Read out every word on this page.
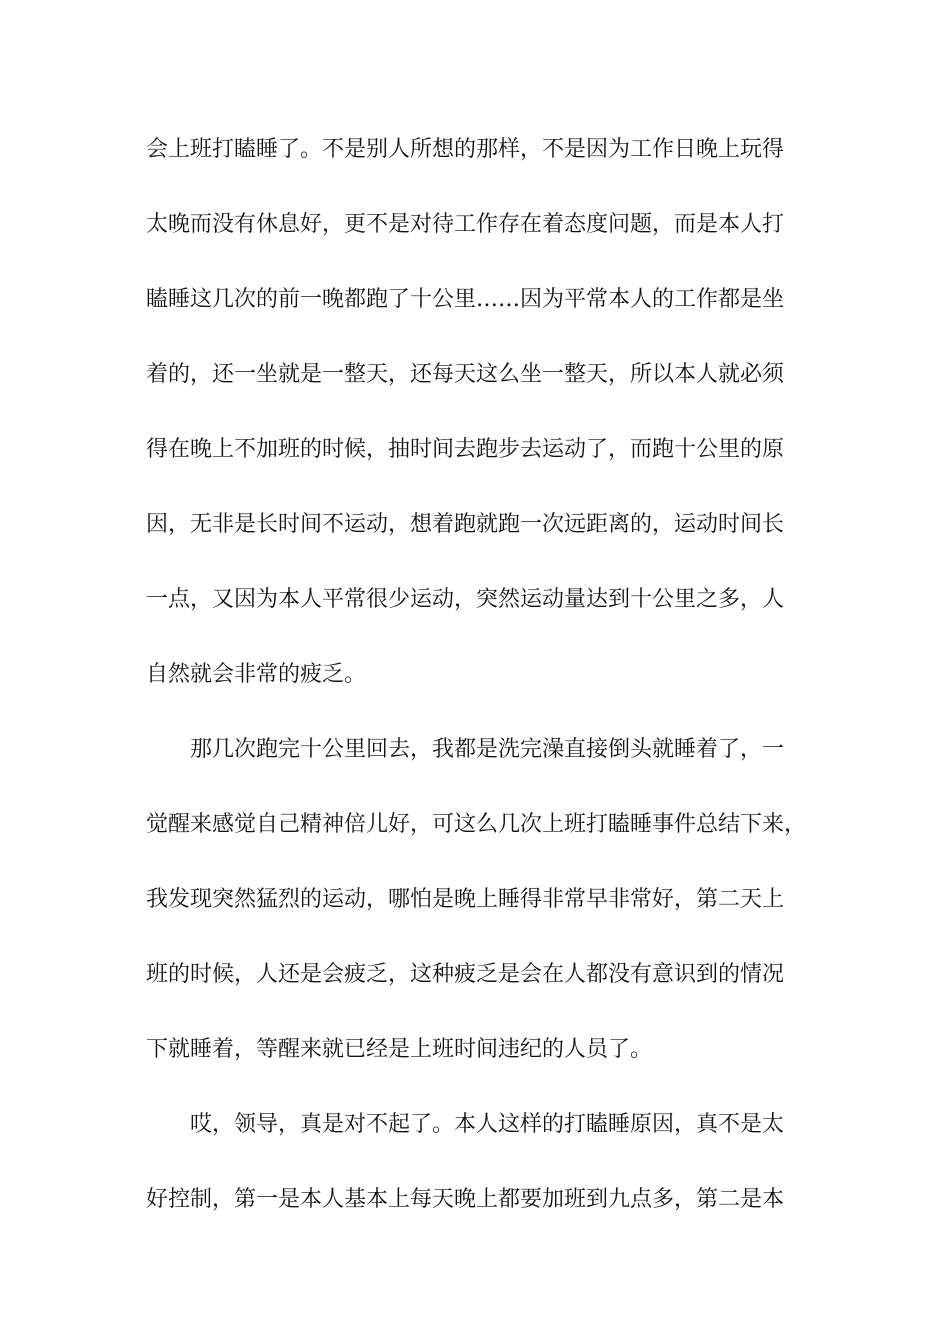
会上班打瞌睡了。不是别人所想的那样，不是因为工作日晚上玩得
太晚而没有休息好，更不是对待工作存在着态度问题，而是本人打
瞌睡这几次的前一晚都跑了十公里……因为平常本人的工作都是坐
着的，还一坐就是一整天，还每天这么坐一整天，所以本人就必须
得在晚上不加班的时候，抽时间去跑步去运动了，而跑十公里的原
因，无非是长时间不运动，想着跑就跑一次远距离的，运动时间长
一点，又因为本人平常很少运动，突然运动量达到十公里之多，人
自然就会非常的疲乏。
那几次跑完十公里回去，我都是洗完澡直接倒头就睡着了，一
觉醒来感觉自己精神倍儿好，可这么几次上班打瞌睡事件总结下来，
我发现突然猛烈的运动，哪怕是晚上睡得非常早非常好，第二天上
班的时候，人还是会疲乏，这种疲乏是会在人都没有意识到的情况
下就睡着，等醒来就已经是上班时间违纪的人员了。
哎，领导，真是对不起了。本人这样的打瞌睡原因，真不是太
好控制，第一是本人基本上每天晚上都要加班到九点多，第二是本
